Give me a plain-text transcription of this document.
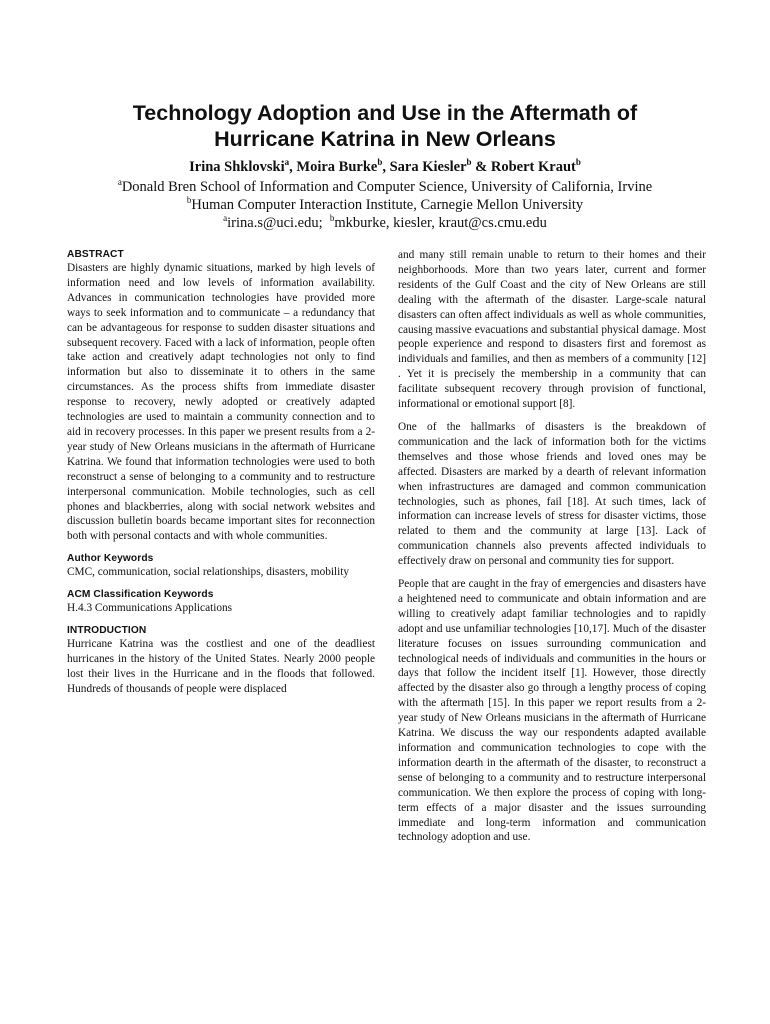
Technology Adoption and Use in the Aftermath of
Hurricane Katrina in New Orleans
Irina Shklovski$^a$, Moira Burke$^b$, Sara Kiesler$^b$ & Robert Kraut$^b$
$^a$Donald Bren School of Information and Computer Science, University of California, Irvine
$^b$Human Computer Interaction Institute, Carnegie Mellon University
$^a$irina.s@uci.edu;  $^b$mkburke, kiesler, kraut@cs.cmu.edu
ABSTRACT

Disasters are highly dynamic situations, marked by high levels of information need and low levels of information availability. Advances in communication technologies have provided more ways to seek information and to communicate – a redundancy that can be advantageous for response to sudden disaster situations and subsequent recovery. Faced with a lack of information, people often take action and creatively adapt technologies not only to find information but also to disseminate it to others in the same circumstances. As the process shifts from immediate disaster response to recovery, newly adopted or creatively adapted technologies are used to maintain a community connection and to aid in recovery processes. In this paper we present results from a 2-year study of New Orleans musicians in the aftermath of Hurricane Katrina. We found that information technologies were used to both reconstruct a sense of belonging to a community and to restructure interpersonal communication. Mobile technologies, such as cell phones and blackberries, along with social network websites and discussion bulletin boards became important sites for reconnection both with personal contacts and with whole communities.

Author Keywords

CMC, communication, social relationships, disasters, mobility

ACM Classification Keywords

H.4.3 Communications Applications

INTRODUCTION

Hurricane Katrina was the costliest and one of the deadliest hurricanes in the history of the United States. Nearly 2000 people lost their lives in the Hurricane and in the floods that followed. Hundreds of thousands of people were displaced

and many still remain unable to return to their homes and their neighborhoods. More than two years later, current and former residents of the Gulf Coast and the city of New Orleans are still dealing with the aftermath of the disaster. Large-scale natural disasters can often affect individuals as well as whole communities, causing massive evacuations and substantial physical damage. Most people experience and respond to disasters first and foremost as individuals and families, and then as members of a community [12] . Yet it is precisely the membership in a community that can facilitate subsequent recovery through provision of functional, informational or emotional support [8].

One of the hallmarks of disasters is the breakdown of communication and the lack of information both for the victims themselves and those whose friends and loved ones may be affected. Disasters are marked by a dearth of relevant information when infrastructures are damaged and common communication technologies, such as phones, fail [18]. At such times, lack of information can increase levels of stress for disaster victims, those related to them and the community at large [13]. Lack of communication channels also prevents affected individuals to effectively draw on personal and community ties for support.

People that are caught in the fray of emergencies and disasters have a heightened need to communicate and obtain information and are willing to creatively adapt familiar technologies and to rapidly adopt and use unfamiliar technologies [10,17]. Much of the disaster literature focuses on issues surrounding communication and technological needs of individuals and communities in the hours or days that follow the incident itself [1]. However, those directly affected by the disaster also go through a lengthy process of coping with the aftermath [15]. In this paper we report results from a 2-year study of New Orleans musicians in the aftermath of Hurricane Katrina. We discuss the way our respondents adapted available information and communication technologies to cope with the information dearth in the aftermath of the disaster, to reconstruct a sense of belonging to a community and to restructure interpersonal communication. We then explore the process of coping with long-term effects of a major disaster and the issues surrounding immediate and long-term information and communication technology adoption and use.
